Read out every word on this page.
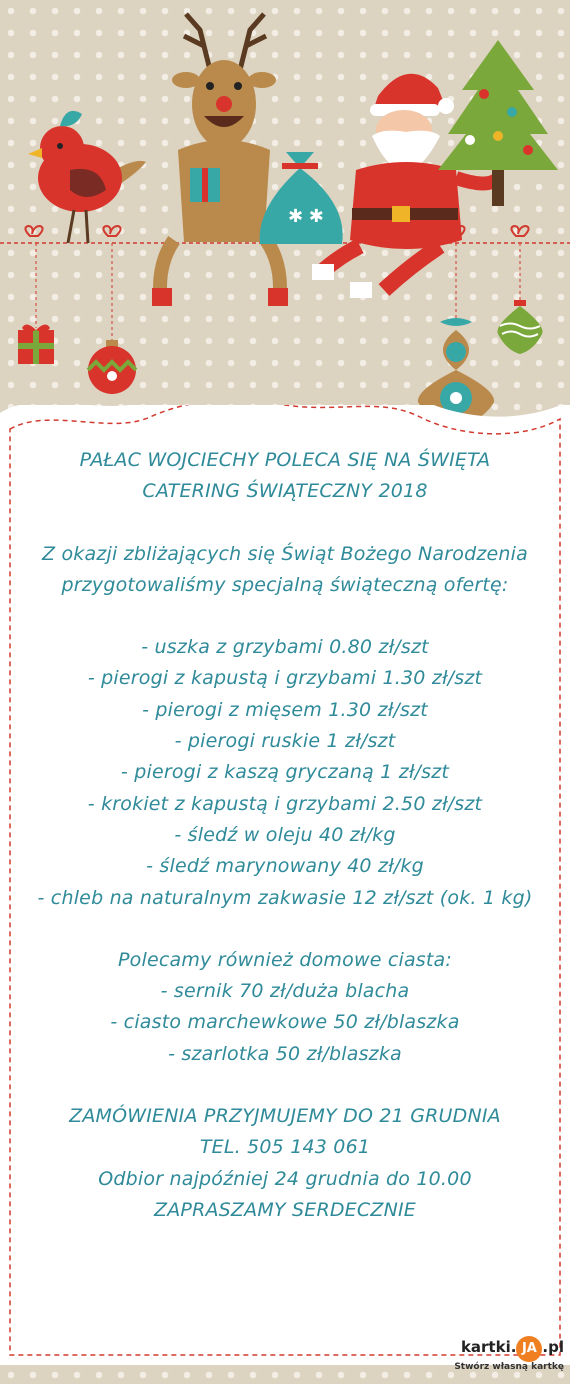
✱ ✱
PAŁAC WOJCIECHY POLECA SIĘ NA ŚWIĘTA
CATERING ŚWIĄTECZNY 2018
Z okazji zbliżających się Świąt Bożego Narodzenia
przygotowaliśmy specjalną świąteczną ofertę:
- uszka z grzybami 0.80 zł/szt
- pierogi z kapustą i grzybami 1.30 zł/szt
- pierogi z mięsem 1.30 zł/szt
- pierogi ruskie 1 zł/szt
- pierogi z kaszą gryczaną 1 zł/szt
- krokiet z kapustą i grzybami 2.50 zł/szt
- śledź w oleju 40 zł/kg
- śledź marynowany 40 zł/kg
- chleb na naturalnym zakwasie 12 zł/szt (ok. 1 kg)
Polecamy również domowe ciasta:
- sernik 70 zł/duża blacha
- ciasto marchewkowe 50 zł/blaszka
- szarlotka 50 zł/blaszka
ZAMÓWIENIA PRZYJMUJEMY DO 21 GRUDNIA
TEL. 505 143 061
Odbior najpóźniej 24 grudnia do 10.00
ZAPRASZAMY SERDECZNIE
kartki. JA .pl
Stwórz własną kartkę
